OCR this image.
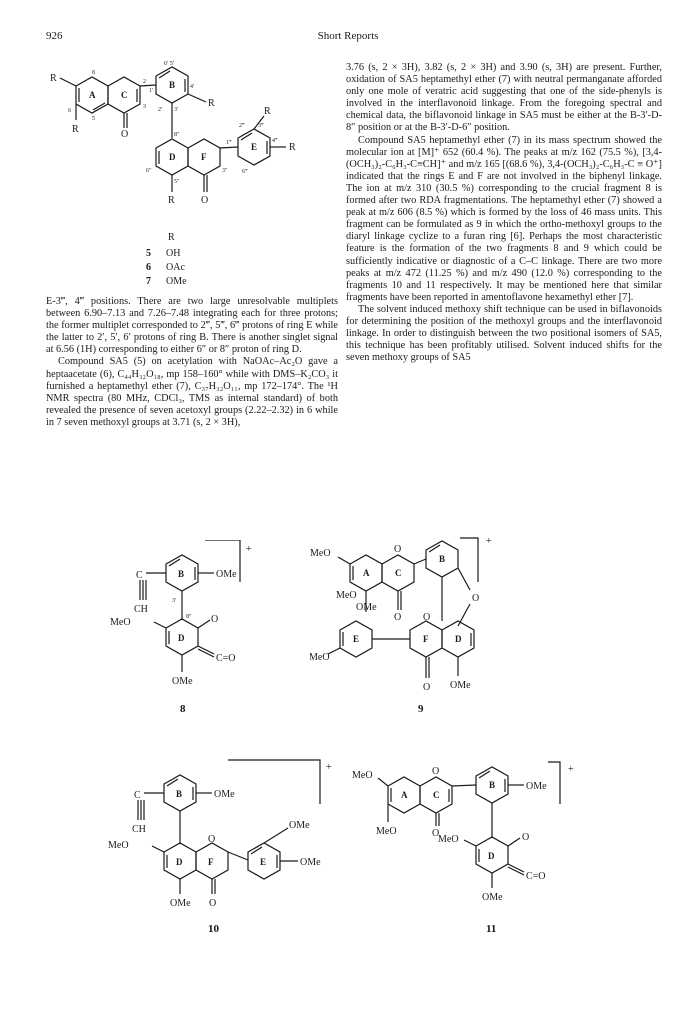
926	Short Reports
R
R
R
R
R	O
R	O
A	C
B
D	F
E
6′ 5′
2
3
4′
3′
2′
1′
8
6
5
8″
6″
5″
3″
1‴
2‴ 3‴
4‴
6‴
R
5 OH
6 OAc
7 OMe

E-3‴, 4‴ positions. There are two large unresolvable multiplets between 6.90–7.13 and 7.26–7.48 integrating each for three protons; the former multiplet corresponded to 2‴, 5‴, 6‴ protons of ring E while the latter to 2′, 5′, 6′ protons of ring B. There is another singlet signal at 6.56 (1H) corresponding to either 6″ or 8″ proton of ring D.

Compound SA5 (5) on acetylation with NaOAc–Ac₂O gave a heptaacetate (6), C₄₄H₃₂O₁₈, mp 158–160° while with DMS–K₂CO₃ it furnished a heptamethyl ether (7), C₃₇H₃₂O₁₁, mp 172–174°. The ¹H NMR spectra (80 MHz, CDCl₃, TMS as internal standard) of both revealed the presence of seven acetoxyl groups (2.22–2.32) in 6 while in 7 seven methoxyl groups at 3.71 (s, 2 × 3H),

3.76 (s, 2 × 3H), 3.82 (s, 2 × 3H) and 3.90 (s, 3H) are present. Further, oxidation of SA5 heptamethyl ether (7) with neutral permanganate afforded only one mole of veratric acid suggesting that one of the side-phenyls is involved in the interflavonoid linkage. From the foregoing spectral and chemical data, the biflavonoid linkage in SA5 must be either at the B-3′-D-8″ position or at the B-3′-D-6″ position.

Compound SA5 heptamethyl ether (7) in its mass spectrum showed the molecular ion at [M]⁺ 652 (60.4 %). The peaks at m/z 162 (75.5 %), [3,4-(OCH₃)₂-C₆H₃-C≡CH]⁺ and m/z 165 [(68.6 %), 3,4-(OCH₃)₂-C₆H₃-C ≡ O⁺] indicated that the rings E and F are not involved in the biphenyl linkage. The ion at m/z 310 (30.5 %) corresponding to the crucial fragment 8 is formed after two RDA fragmentations. The heptamethyl ether (7) showed a peak at m/z 606 (8.5 %) which is formed by the loss of 46 mass units. This fragment can be formulated as 9 in which the ortho-methoxyl groups to the diaryl linkage cyclize to a furan ring [6]. Perhaps the most characteristic feature is the formation of the two fragments 8 and 9 which could be sufficiently indicative or diagnostic of a C–C linkage. There are two more peaks at m/z 472 (11.25 %) and m/z 490 (12.0 %) corresponding to the fragments 10 and 11 respectively. It may be mentioned here that similar fragments have been reported in amentoflavone hexamethyl ether [7].

The solvent induced methoxy shift technique can be used in biflavonoids for determining the position of the methoxyl groups and the interflavonoid linkage. In order to distinguish between the two positional isomers of SA5, this technique has been profitably utilised. Solvent induced shifts for the seven methoxy groups of SA5

+
C
CH
B	OMe
3′
8″
MeO	O
D
C=O
OMe
8
+
MeO	O
A	C
B
O
MeO
OMe
O
E
O
F	D
MeO
O OMe
9
+
C	B	OMe
CH	OMe
MeO
O
D	F	E	OMe
OMe O
10
+
MeO	O
A	C
B	OMe
MeO	O
MeO	O
D
C=O
OMe
11
